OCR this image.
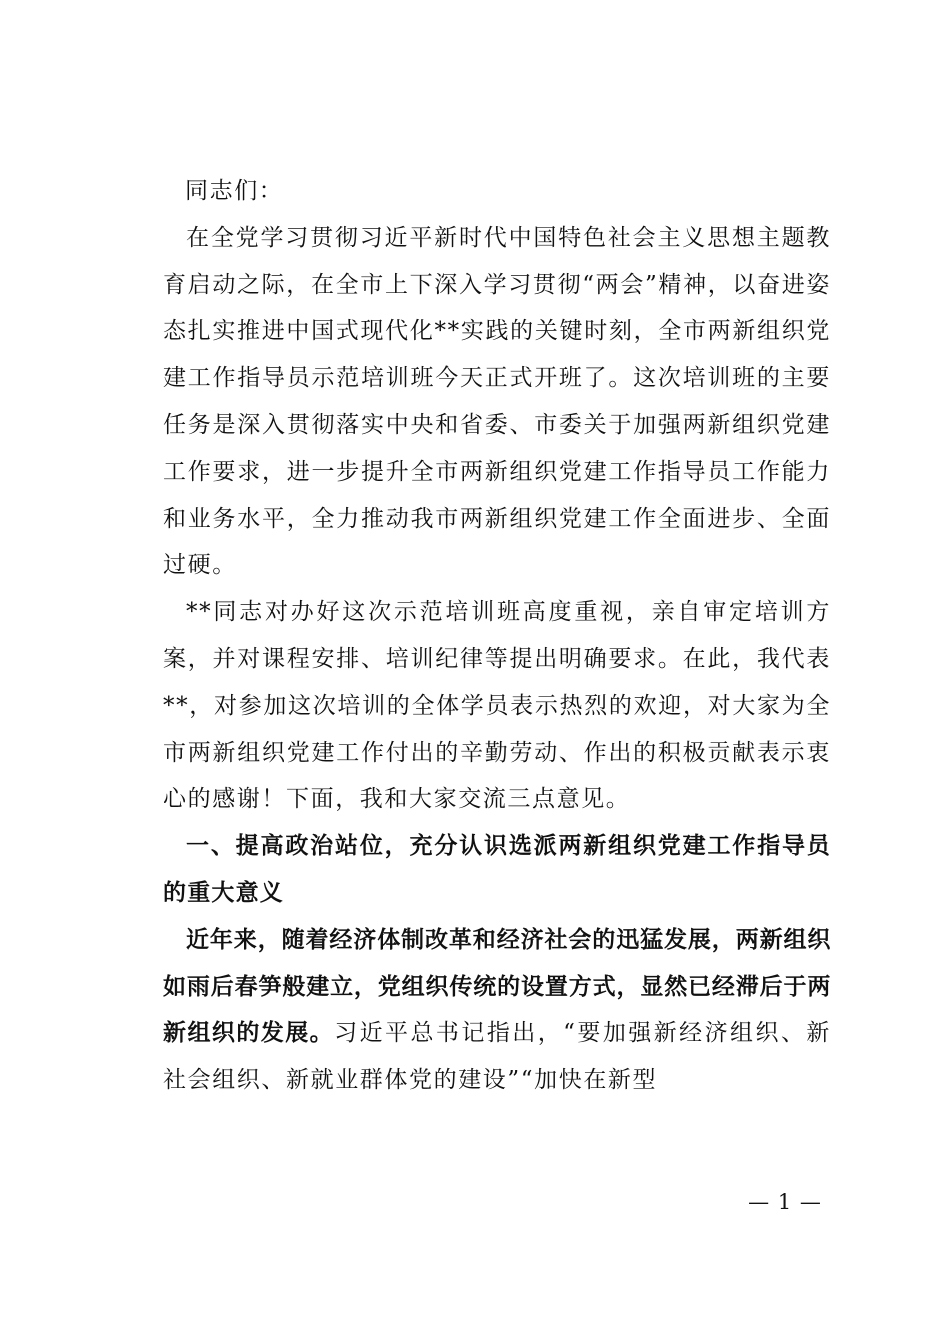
同志们：

在全党学习贯彻习近平新时代中国特色社会主义思想主题教育启动之际，在全市上下深入学习贯彻“两会”精神，以奋进姿态扎实推进中国式现代化**实践的关键时刻，全市两新组织党建工作指导员示范培训班今天正式开班了。这次培训班的主要任务是深入贯彻落实中央和省委、市委关于加强两新组织党建工作要求，进一步提升全市两新组织党建工作指导员工作能力和业务水平，全力推动我市两新组织党建工作全面进步、全面过硬。

**同志对办好这次示范培训班高度重视，亲自审定培训方案，并对课程安排、培训纪律等提出明确要求。在此，我代表**，对参加这次培训的全体学员表示热烈的欢迎，对大家为全市两新组织党建工作付出的辛勤劳动、作出的积极贡献表示衷心的感谢！下面，我和大家交流三点意见。

一、提高政治站位，充分认识选派两新组织党建工作指导员的重大意义

近年来，随着经济体制改革和经济社会的迅猛发展，两新组织如雨后春笋般建立，党组织传统的设置方式，显然已经滞后于两新组织的发展。习近平总书记指出，“要加强新经济组织、新社会组织、新就业群体党的建设”“加快在新型

— 1 —
